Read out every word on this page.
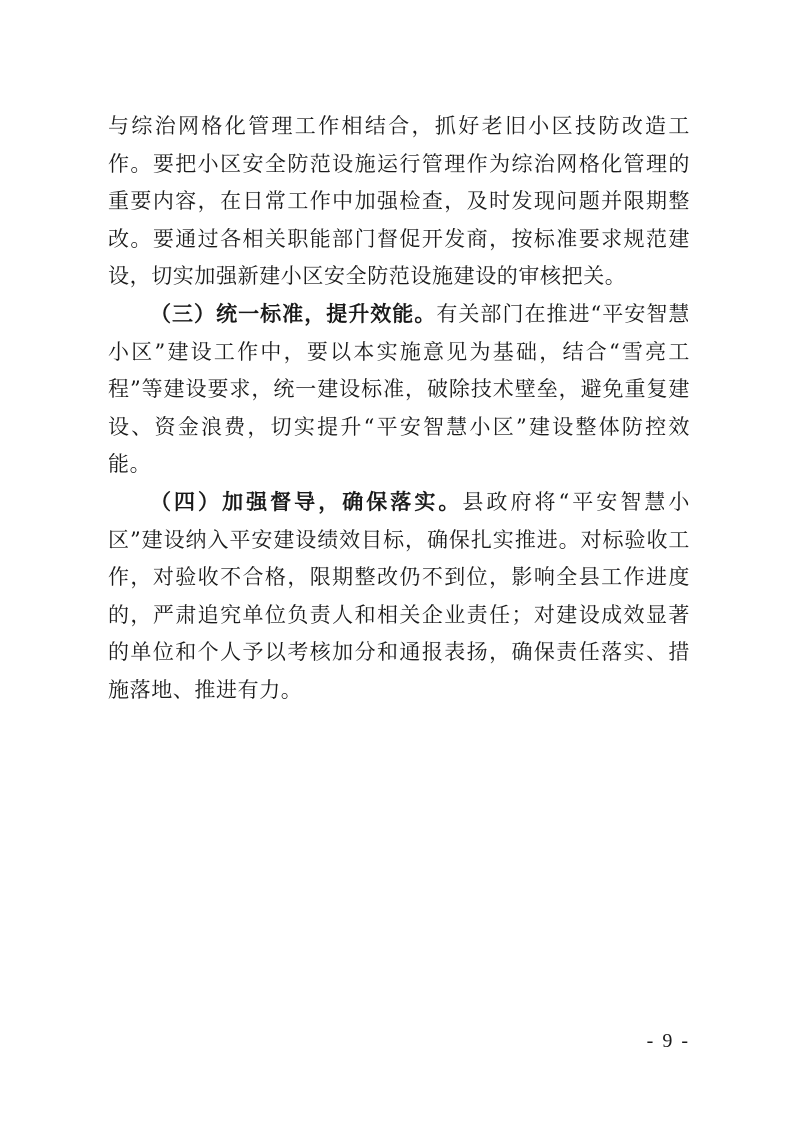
与综治网格化管理工作相结合，抓好老旧小区技防改造工作。要把小区安全防范设施运行管理作为综治网格化管理的重要内容，在日常工作中加强检查，及时发现问题并限期整改。要通过各相关职能部门督促开发商，按标准要求规范建设，切实加强新建小区安全防范设施建设的审核把关。

（三）统一标准，提升效能。有关部门在推进“平安智慧小区”建设工作中，要以本实施意见为基础，结合“雪亮工程”等建设要求，统一建设标准，破除技术壁垒，避免重复建设、资金浪费，切实提升“平安智慧小区”建设整体防控效能。

（四）加强督导，确保落实。县政府将“平安智慧小区”建设纳入平安建设绩效目标，确保扎实推进。对标验收工作，对验收不合格，限期整改仍不到位，影响全县工作进度的，严肃追究单位负责人和相关企业责任；对建设成效显著的单位和个人予以考核加分和通报表扬，确保责任落实、措施落地、推进有力。

- 9 -
